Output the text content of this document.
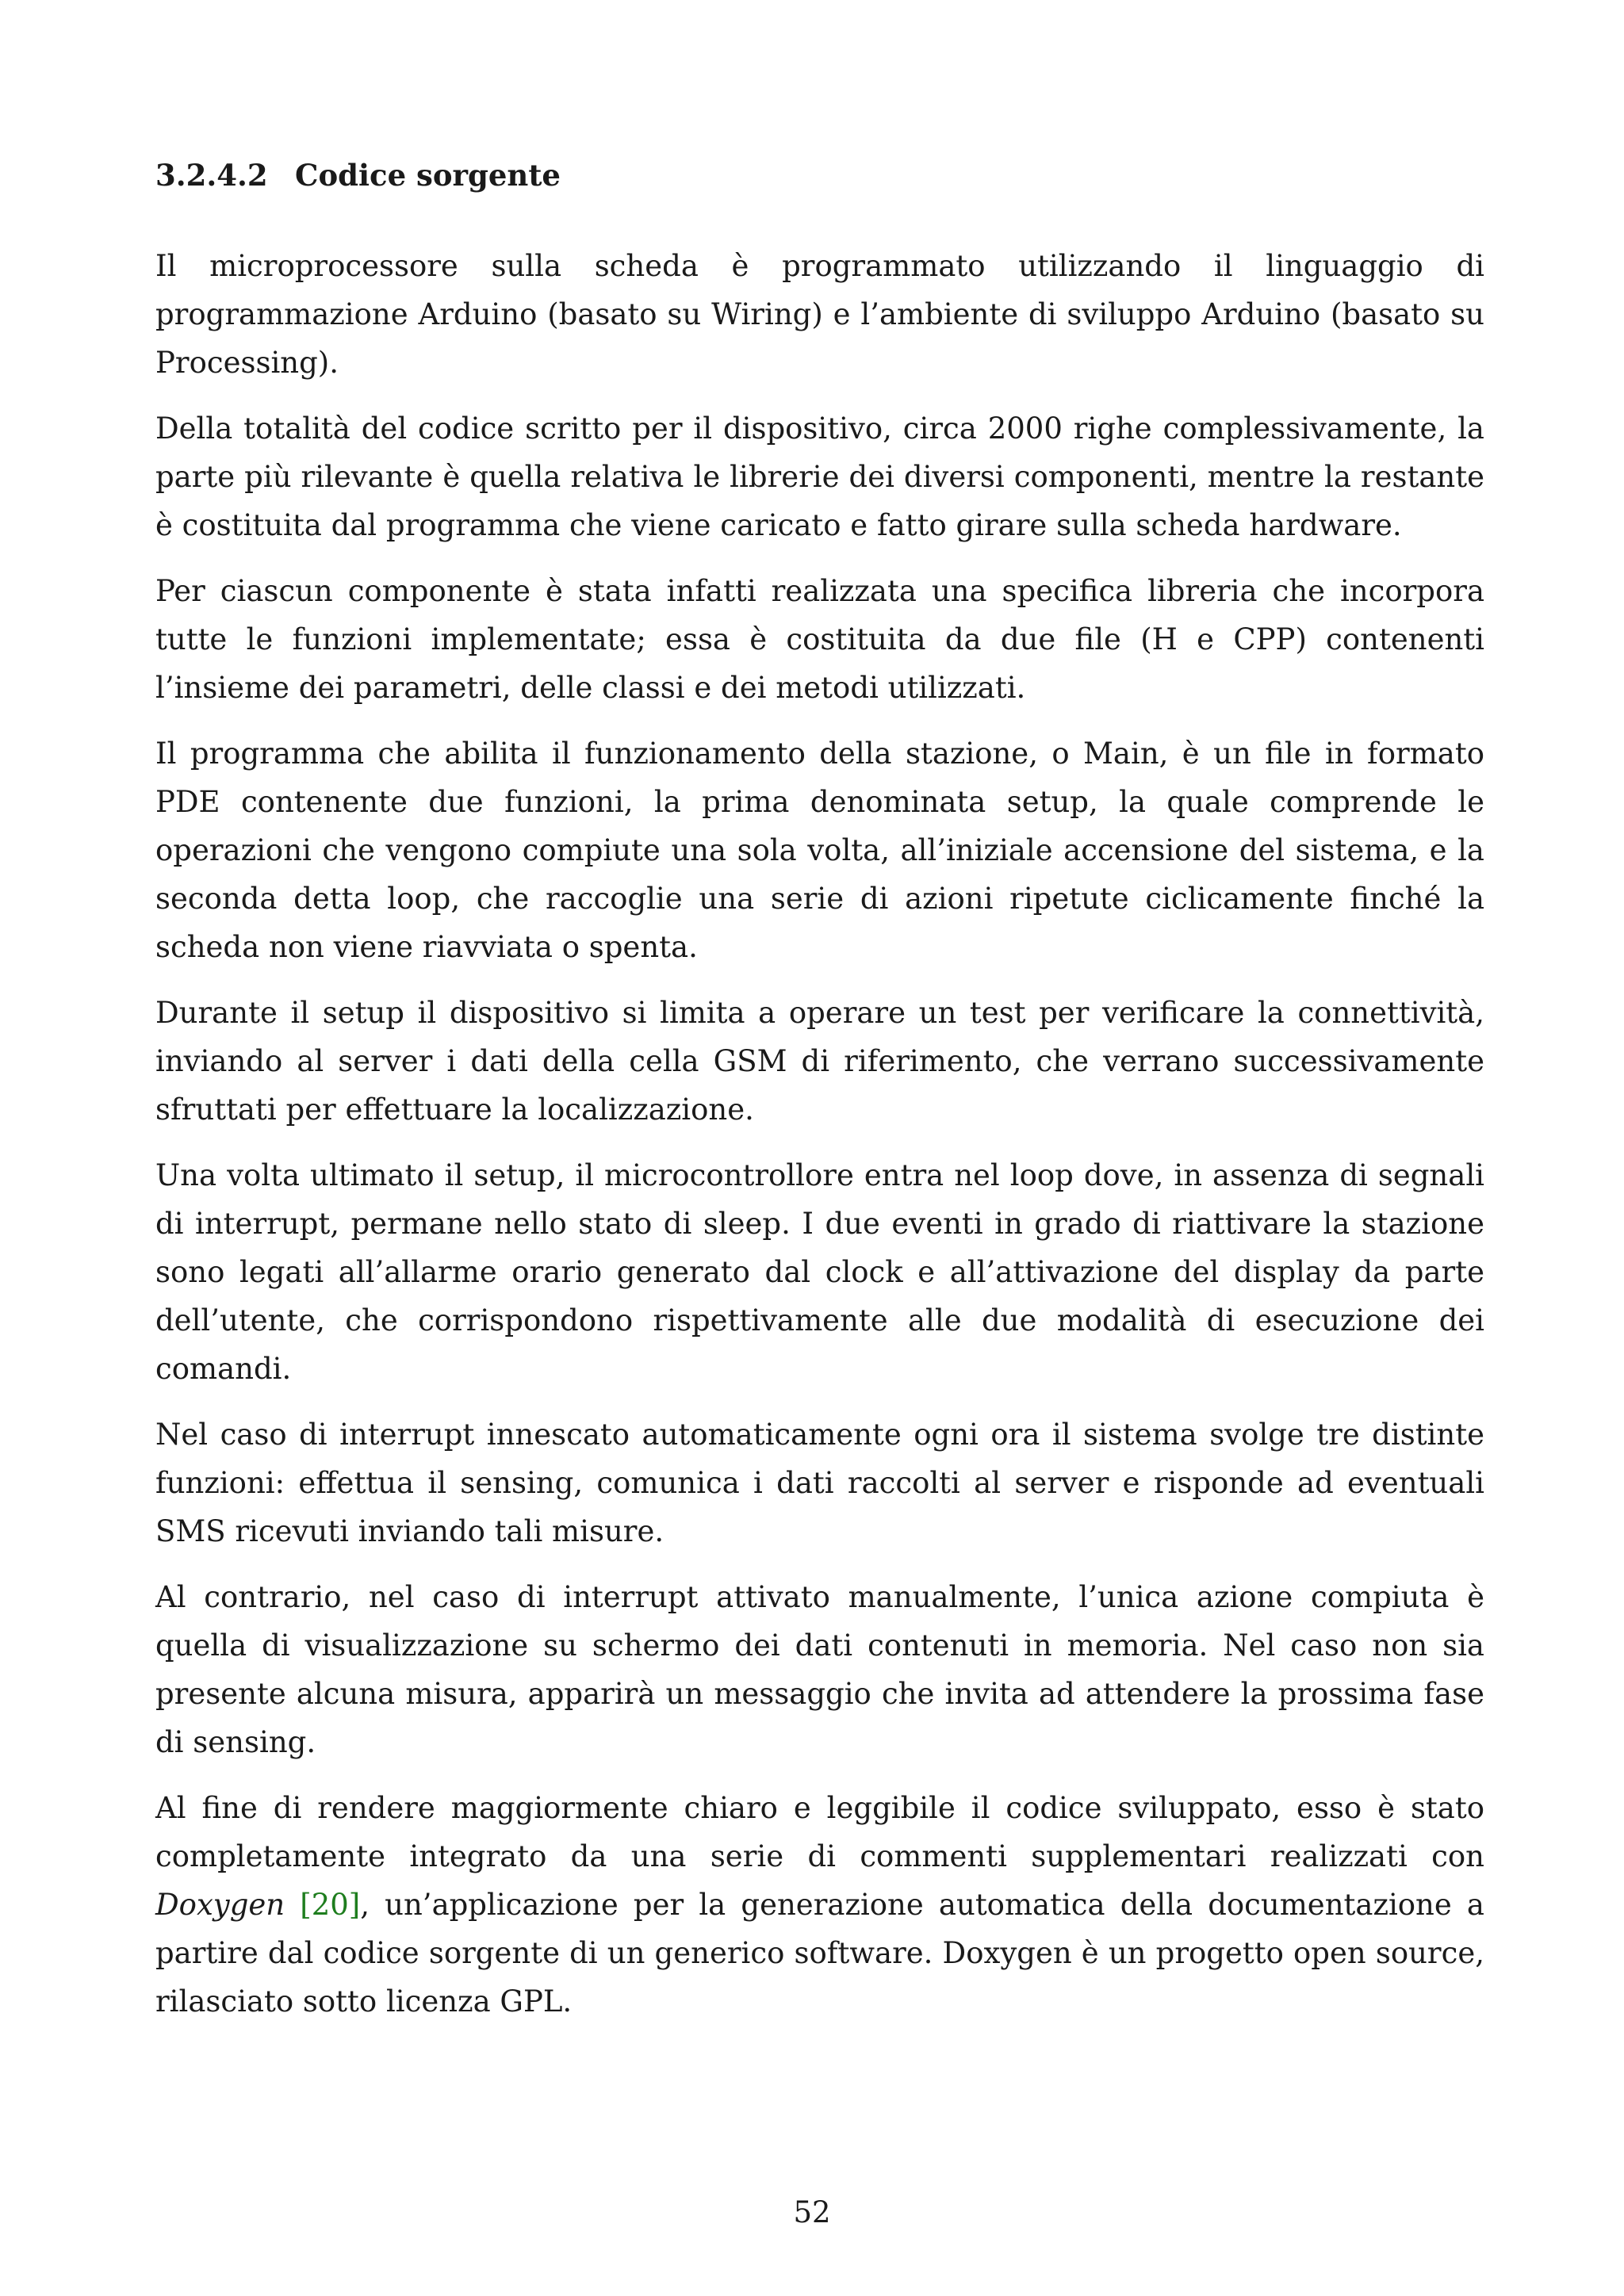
3.2.4.2 Codice sorgente

Il microprocessore sulla scheda è programmato utilizzando il linguaggio di programmazione Arduino (basato su Wiring) e l’ambiente di sviluppo Arduino (basato su Processing).

Della totalità del codice scritto per il dispositivo, circa 2000 righe complessivamente, la parte più rilevante è quella relativa le librerie dei diversi componenti, mentre la restante è costituita dal programma che viene caricato e fatto girare sulla scheda hardware.

Per ciascun componente è stata infatti realizzata una specifica libreria che incorpora tutte le funzioni implementate; essa è costituita da due file (H e CPP) contenenti l’insieme dei parametri, delle classi e dei metodi utilizzati.

Il programma che abilita il funzionamento della stazione, o Main, è un file in formato PDE contenente due funzioni, la prima denominata setup, la quale comprende le operazioni che vengono compiute una sola volta, all’iniziale accensione del sistema, e la seconda detta loop, che raccoglie una serie di azioni ripetute ciclicamente finché la scheda non viene riavviata o spenta.

Durante il setup il dispositivo si limita a operare un test per verificare la connettività, inviando al server i dati della cella GSM di riferimento, che verrano successivamente sfruttati per effettuare la localizzazione.

Una volta ultimato il setup, il microcontrollore entra nel loop dove, in assenza di segnali di interrupt, permane nello stato di sleep. I due eventi in grado di riattivare la stazione sono legati all’allarme orario generato dal clock e all’attivazione del display da parte dell’utente, che corrispondono rispettivamente alle due modalità di esecuzione dei comandi.

Nel caso di interrupt innescato automaticamente ogni ora il sistema svolge tre distinte funzioni: effettua il sensing, comunica i dati raccolti al server e risponde ad eventuali SMS ricevuti inviando tali misure.

Al contrario, nel caso di interrupt attivato manualmente, l’unica azione compiuta è quella di visualizzazione su schermo dei dati contenuti in memoria. Nel caso non sia presente alcuna misura, apparirà un messaggio che invita ad attendere la prossima fase di sensing.

Al fine di rendere maggiormente chiaro e leggibile il codice sviluppato, esso è stato completamente integrato da una serie di commenti supplementari realizzati con Doxygen [20], un’applicazione per la generazione automatica della documentazione a partire dal codice sorgente di un generico software. Doxygen è un progetto open source, rilasciato sotto licenza GPL.

52
